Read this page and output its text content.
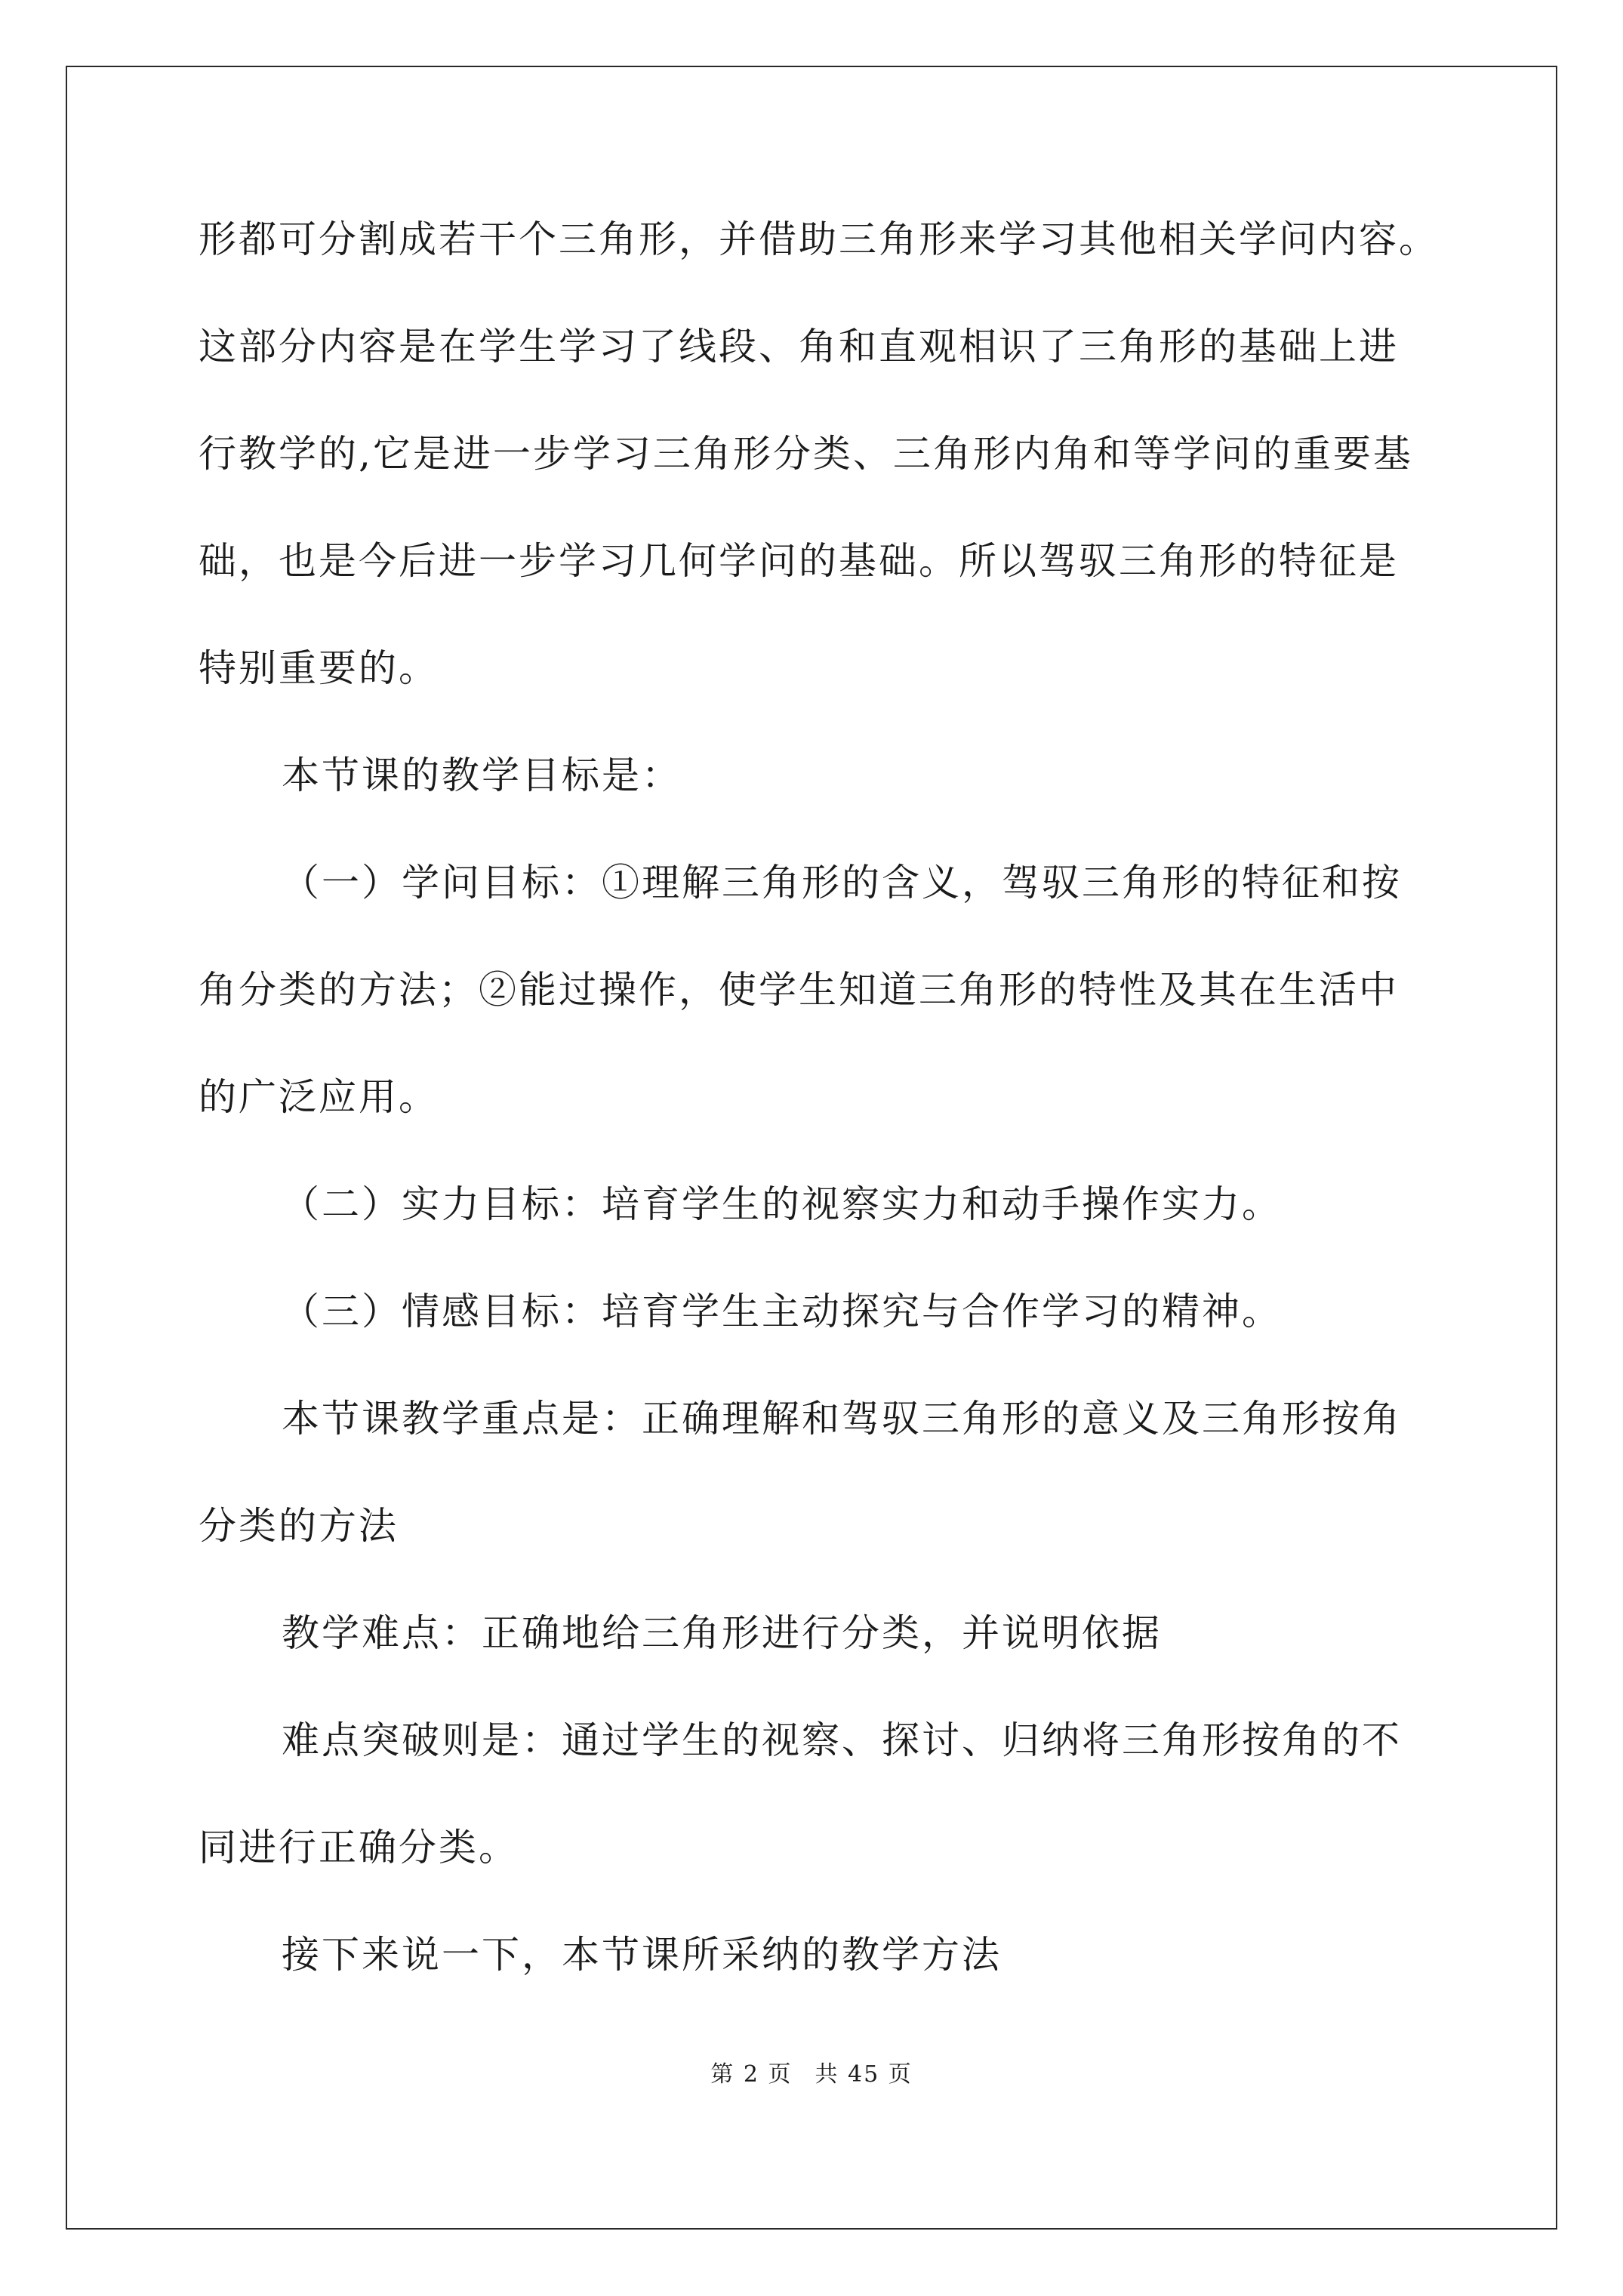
形都可分割成若干个三角形，并借助三角形来学习其他相关学问内容。
这部分内容是在学生学习了线段、角和直观相识了三角形的基础上进
行教学的,它是进一步学习三角形分类、三角形内角和等学问的重要基
础，也是今后进一步学习几何学问的基础。所以驾驭三角形的特征是
特别重要的。
本节课的教学目标是：
（一）学问目标：①理解三角形的含义，驾驭三角形的特征和按
角分类的方法；②能过操作，使学生知道三角形的特性及其在生活中
的广泛应用。
（二）实力目标：培育学生的视察实力和动手操作实力。
（三）情感目标：培育学生主动探究与合作学习的精神。
本节课教学重点是：正确理解和驾驭三角形的意义及三角形按角
分类的方法
教学难点：正确地给三角形进行分类，并说明依据
难点突破则是：通过学生的视察、探讨、归纳将三角形按角的不
同进行正确分类。
接下来说一下，本节课所采纳的教学方法
第 2 页 共 45 页
